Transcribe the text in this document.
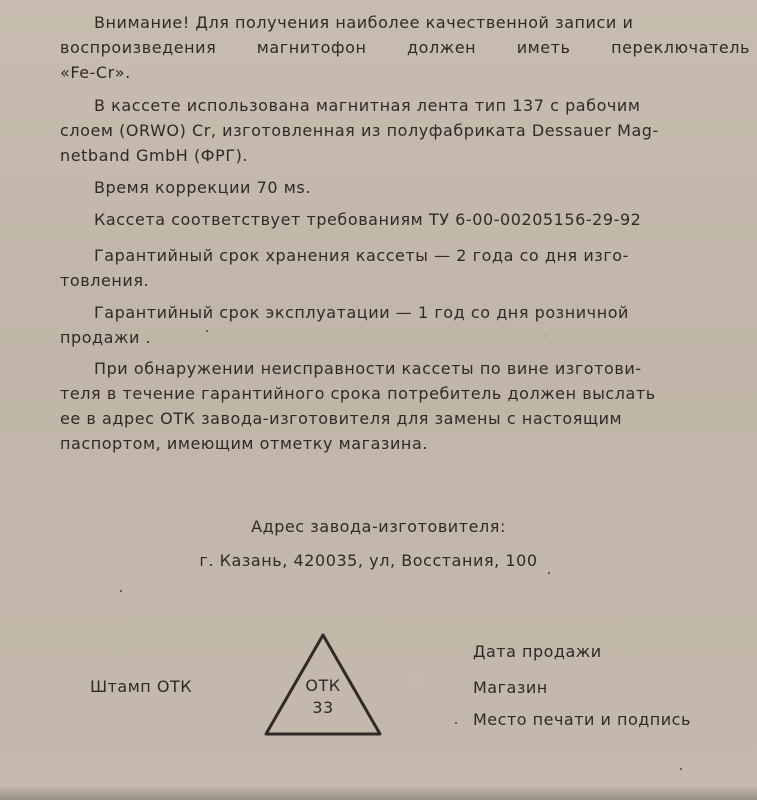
Внимание! Для получения наиболее качественной записи и
воспроизведения магнитофон должен иметь переключатель
«Fe-Cr».

В кассете использована магнитная лента тип 137 с рабочим
слоем (ORWO) Cr, изготовленная из полуфабриката Dessauer Mag-
netband GmbH (ФРГ).

Время коррекции 70 мs.

Кассета соответствует требованиям ТУ 6-00-00205156-29-92

Гарантийный срок хранения кассеты — 2 года со дня изго-
товления.

Гарантийный срок эксплуатации — 1 год со дня розничной
продажи .

При обнаружении неисправности кассеты по вине изготови-
теля в течение гарантийного срока потребитель должен выслать
ее в адрес ОТК завода-изготовителя для замены с настоящим
паспортом, имеющим отметку магазина.

Адрес завода-изготовителя:
г. Казань, 420035, ул, Восстания, 100
Штамп ОТК	ОТК
33
Дата продажи
Магазин
Место печати и подпись
